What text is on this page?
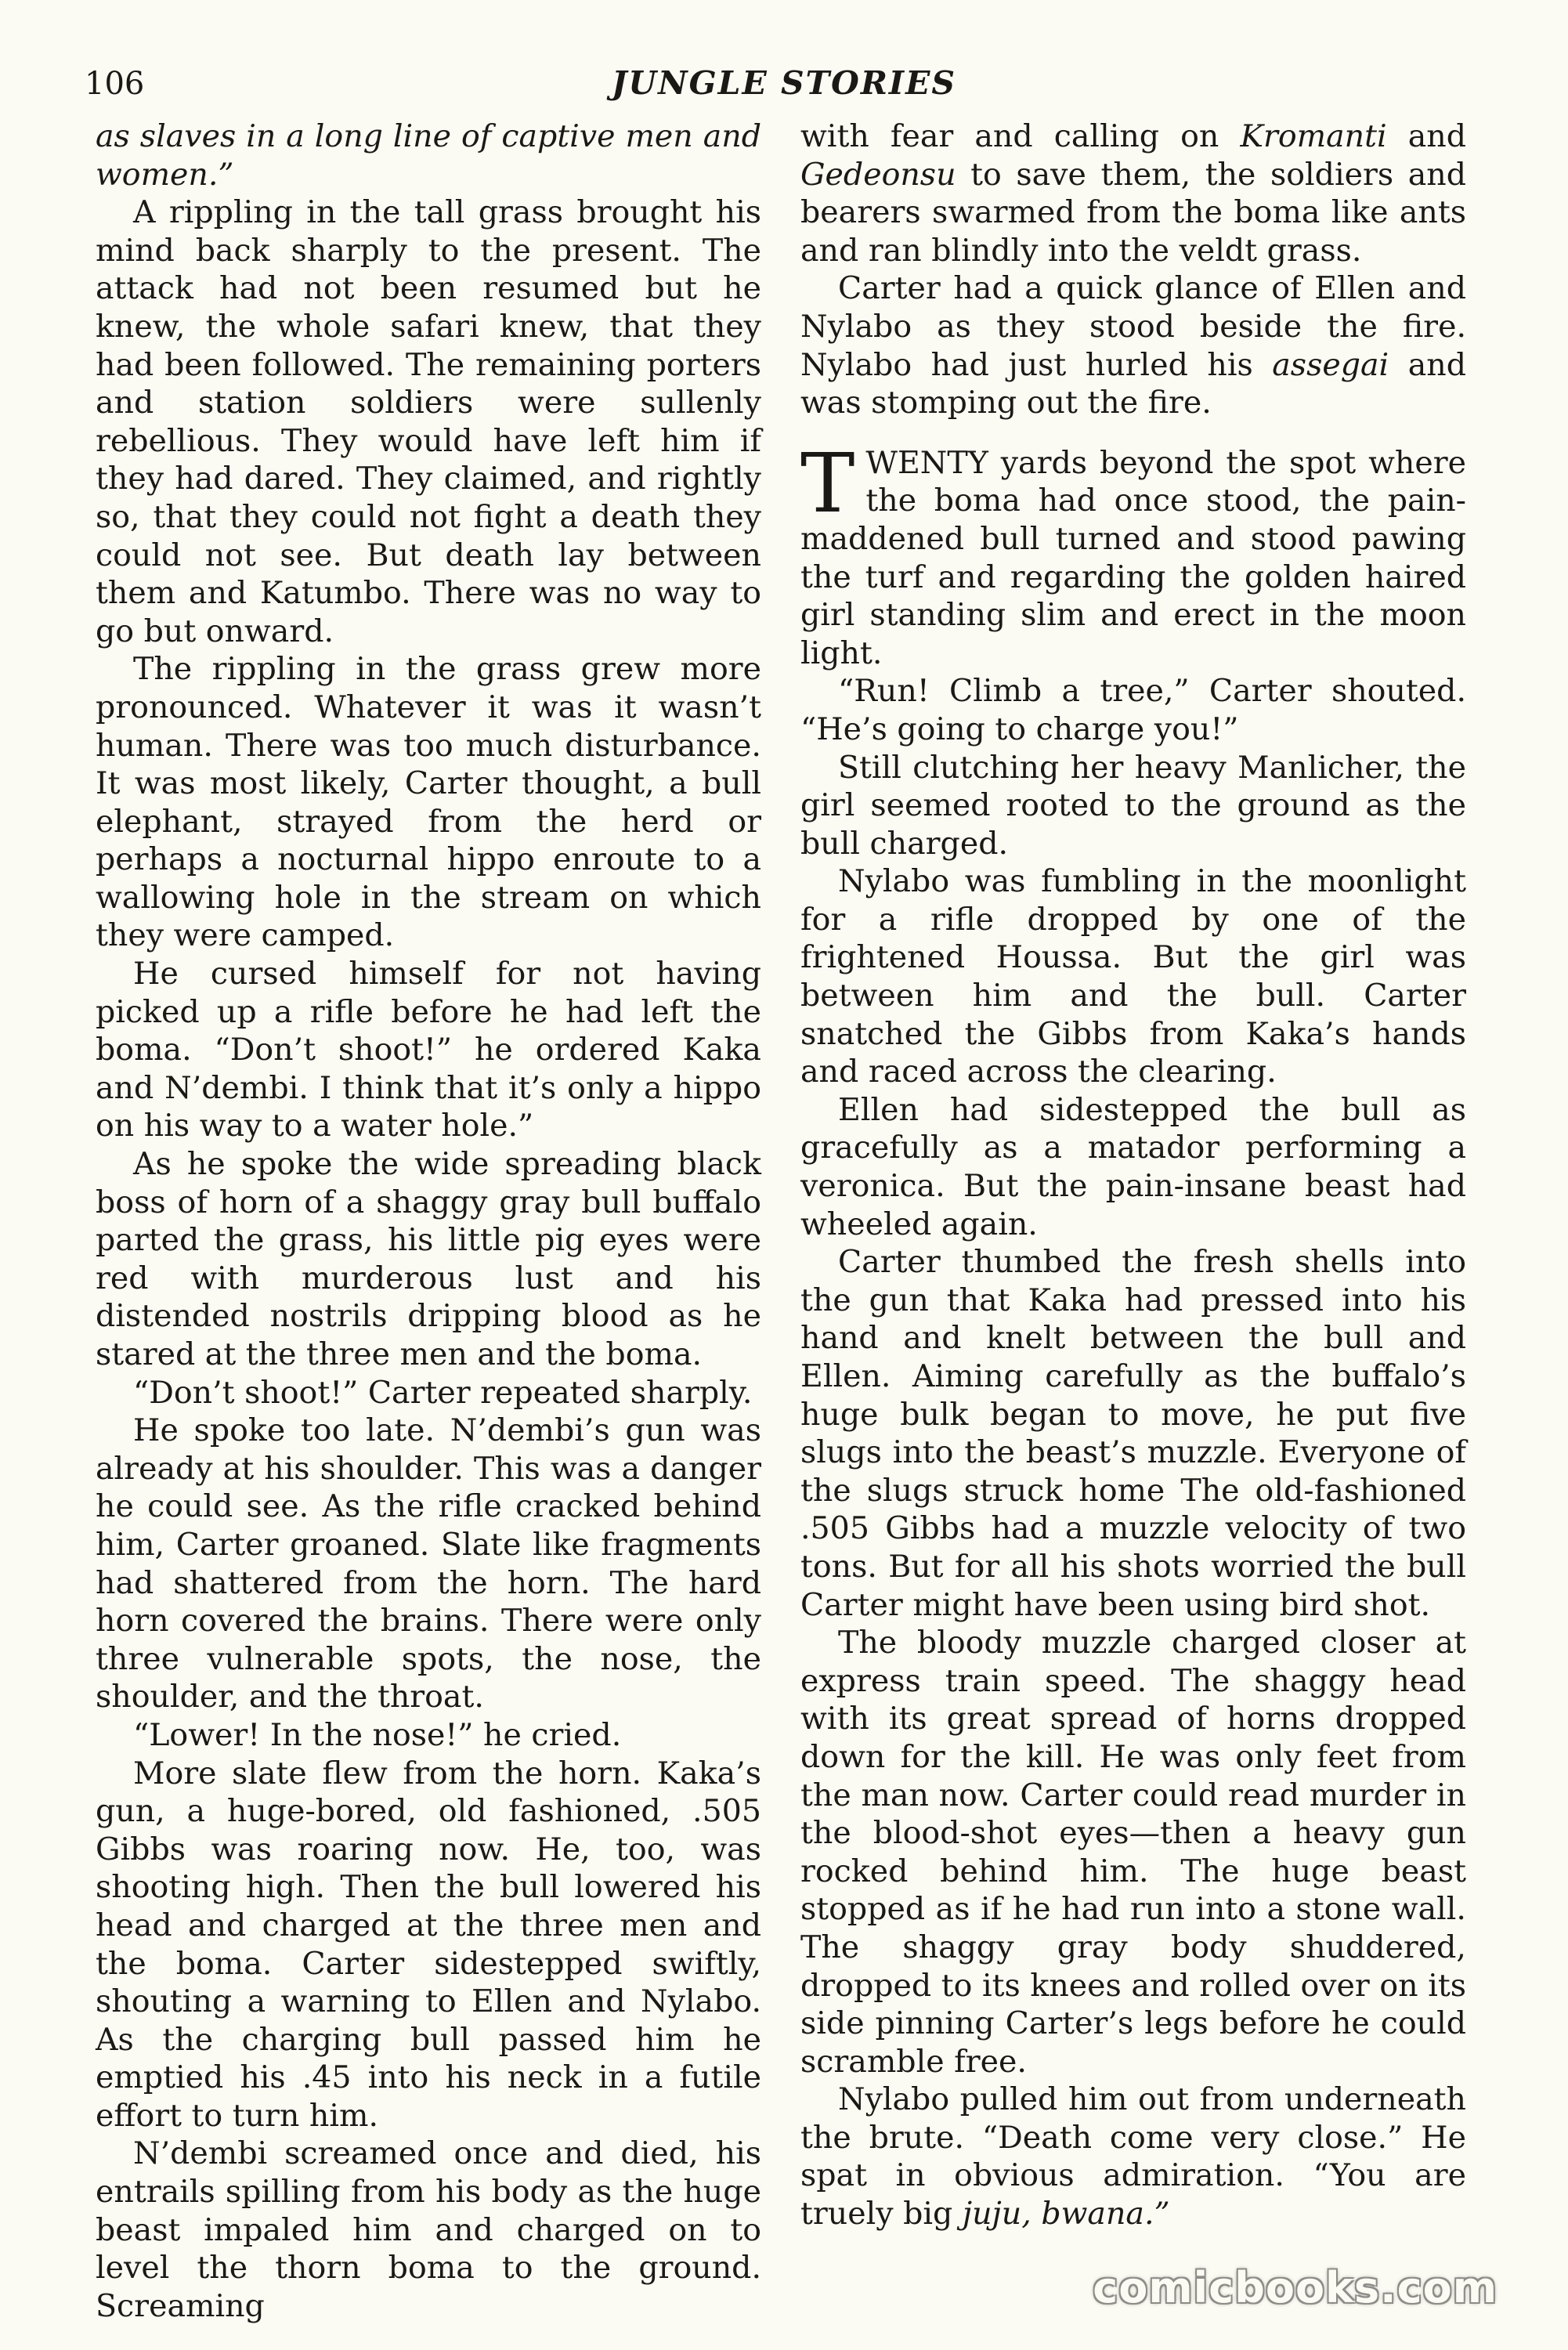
106	JUNGLE STORIES

as slaves in a long line of captive men and women.”

A rippling in the tall grass brought his mind back sharply to the present. The attack had not been resumed but he knew, the whole safari knew, that they had been followed. The remaining porters and station soldiers were sullenly rebellious. They would have left him if they had dared. They claimed, and rightly so, that they could not fight a death they could not see. But death lay between them and Katumbo. There was no way to go but onward.

The rippling in the grass grew more pronounced. Whatever it was it wasn’t human. There was too much disturbance. It was most likely, Carter thought, a bull elephant, strayed from the herd or perhaps a nocturnal hippo enroute to a wallowing hole in the stream on which they were camped.

He cursed himself for not having picked up a rifle before he had left the boma. “Don’t shoot!” he ordered Kaka and N’dembi. I think that it’s only a hippo on his way to a water hole.”

As he spoke the wide spreading black boss of horn of a shaggy gray bull buffalo parted the grass, his little pig eyes were red with murderous lust and his distended nostrils dripping blood as he stared at the three men and the boma.

“Don’t shoot!” Carter repeated sharply.

He spoke too late. N’dembi’s gun was already at his shoulder. This was a danger he could see. As the rifle cracked behind him, Carter groaned. Slate like fragments had shattered from the horn. The hard horn covered the brains. There were only three vulnerable spots, the nose, the shoulder, and the throat.

“Lower! In the nose!” he cried.

More slate flew from the horn. Kaka’s gun, a huge-bored, old fashioned, .505 Gibbs was roaring now. He, too, was shooting high. Then the bull lowered his head and charged at the three men and the boma. Carter sidestepped swiftly, shouting a warning to Ellen and Nylabo. As the charging bull passed him he emptied his .45 into his neck in a futile effort to turn him.

N’dembi screamed once and died, his entrails spilling from his body as the huge beast impaled him and charged on to level the thorn boma to the ground. Screaming

with fear and calling on Kromanti and Gedeonsu to save them, the soldiers and bearers swarmed from the boma like ants and ran blindly into the veldt grass.

Carter had a quick glance of Ellen and Nylabo as they stood beside the fire. Nylabo had just hurled his assegai and was stomping out the fire.

TWENTY yards beyond the spot where the boma had once stood, the pain-maddened bull turned and stood pawing the turf and regarding the golden haired girl standing slim and erect in the moon light.

“Run! Climb a tree,” Carter shouted. “He’s going to charge you!”

Still clutching her heavy Manlicher, the girl seemed rooted to the ground as the bull charged.

Nylabo was fumbling in the moonlight for a rifle dropped by one of the frightened Houssa. But the girl was between him and the bull. Carter snatched the Gibbs from Kaka’s hands and raced across the clearing.

Ellen had sidestepped the bull as gracefully as a matador performing a veronica. But the pain-insane beast had wheeled again.

Carter thumbed the fresh shells into the gun that Kaka had pressed into his hand and knelt between the bull and Ellen. Aiming carefully as the buffalo’s huge bulk began to move, he put five slugs into the beast’s muzzle. Everyone of the slugs struck home The old-fashioned .505 Gibbs had a muzzle velocity of two tons. But for all his shots worried the bull Carter might have been using bird shot.

The bloody muzzle charged closer at express train speed. The shaggy head with its great spread of horns dropped down for the kill. He was only feet from the man now. Carter could read murder in the blood-shot eyes—then a heavy gun rocked behind him. The huge beast stopped as if he had run into a stone wall. The shaggy gray body shuddered, dropped to its knees and rolled over on its side pinning Carter’s legs before he could scramble free.

Nylabo pulled him out from underneath the brute. “Death come very close.” He spat in obvious admiration. “You are truely big juju, bwana.”

comicbooks.com
